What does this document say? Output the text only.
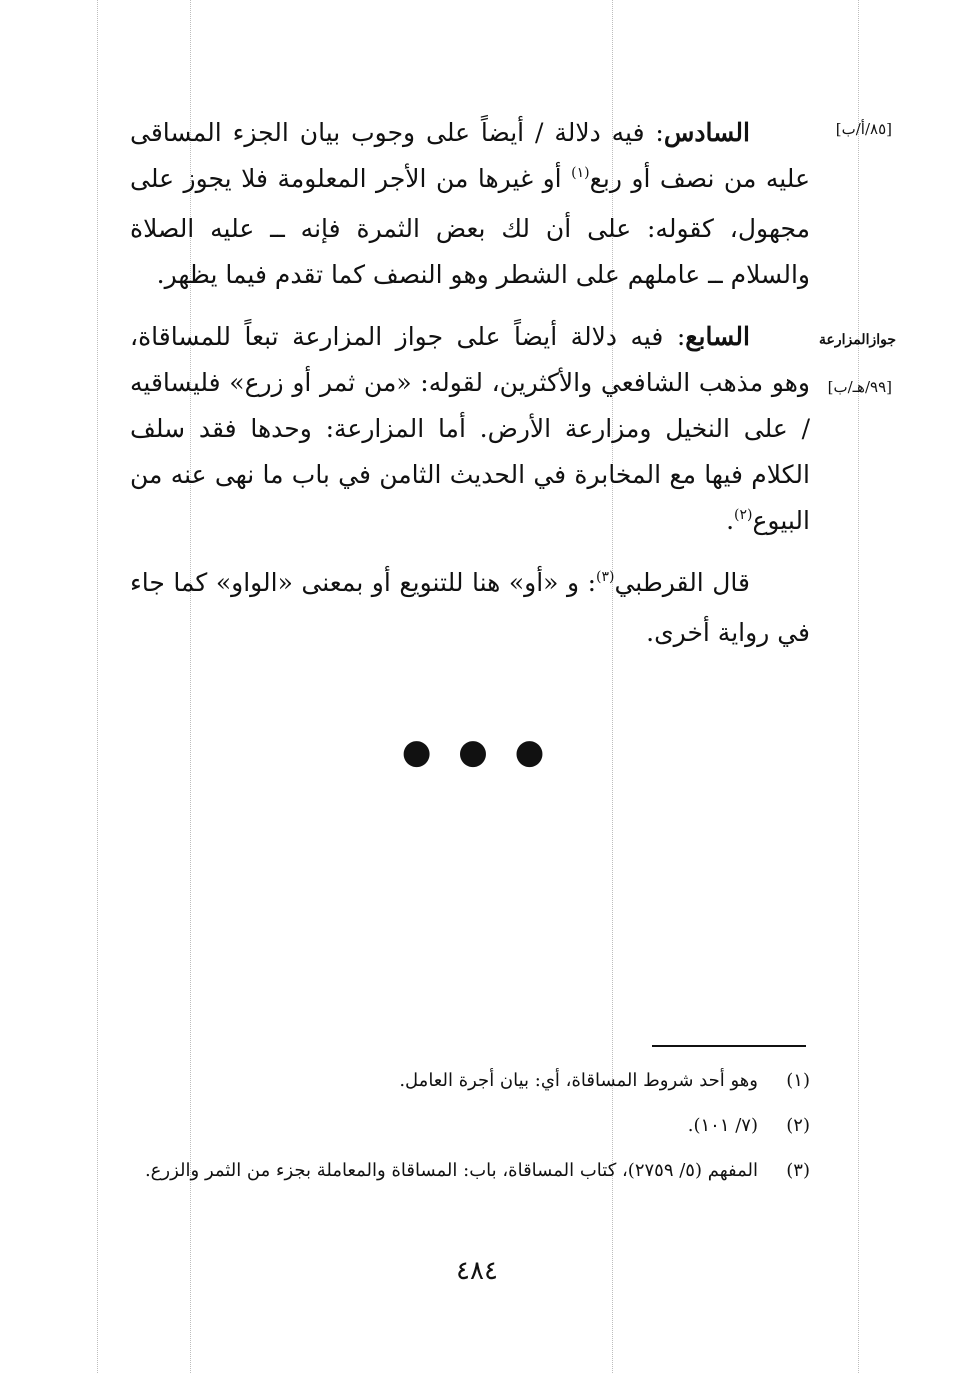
[٨٥/أ/ب]
جوازالمزارعة
[٩٩/هـ/ب]

السادس: فيه دلالة / أيضاً على وجوب بيان الجزء المساقى عليه من نصف أو ربع$^{(١)}$ أو غيرها من الأجر المعلومة فلا يجوز على مجهول، كقوله: على أن لك بعض الثمرة فإنه ــ عليه الصلاة والسلام ــ عاملهم على الشطر وهو النصف كما تقدم فيما يظهر.

السابع: فيه دلالة أيضاً على جواز المزارعة تبعاً للمساقاة، وهو مذهب الشافعي والأكثرين، لقوله: «من ثمر أو زرع» فليساقيه / على النخيل ومزارعة الأرض. أما المزارعة: وحدها فقد سلف الكلام فيها مع المخابرة في الحديث الثامن في باب ما نهى عنه من البيوع$^{(٢)}$.

قال القرطبي$^{(٣)}$: و «أو» هنا للتنويع أو بمعنى «الواو» كما جاء في رواية أخرى.

● ● ●
(١)
وهو أحد شروط المساقاة، أي: بيان أجرة العامل.
(٢)
(٧/ ١٠١).
(٣)
المفهم (٥/ ٢٧٥٩)، كتاب المساقاة، باب: المساقاة والمعاملة بجزء من الثمر والزرع.
٤٨٤
